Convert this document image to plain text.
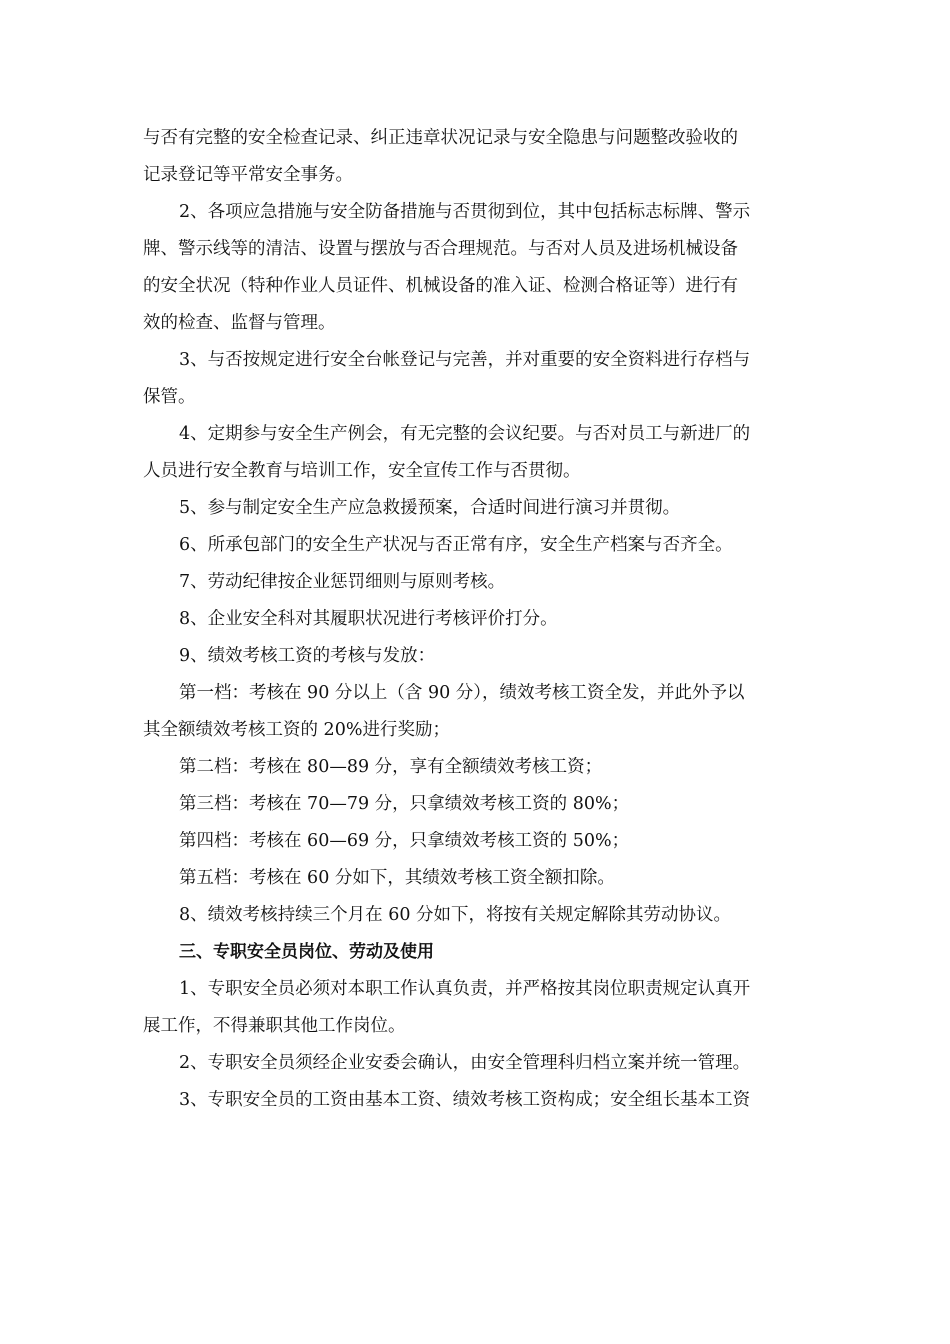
与否有完整的安全检查记录、纠正违章状况记录与安全隐患与问题整改验收的
记录登记等平常安全事务。
2、各项应急措施与安全防备措施与否贯彻到位，其中包括标志标牌、警示
牌、警示线等的清洁、设置与摆放与否合理规范。与否对人员及进场机械设备
的安全状况（特种作业人员证件、机械设备的准入证、检测合格证等）进行有
效的检查、监督与管理。
3、与否按规定进行安全台帐登记与完善，并对重要的安全资料进行存档与
保管。
4、定期参与安全生产例会，有无完整的会议纪要。与否对员工与新进厂的
人员进行安全教育与培训工作，安全宣传工作与否贯彻。
5、参与制定安全生产应急救援预案，合适时间进行演习并贯彻。
6、所承包部门的安全生产状况与否正常有序，安全生产档案与否齐全。
7、劳动纪律按企业惩罚细则与原则考核。
8、企业安全科对其履职状况进行考核评价打分。
9、绩效考核工资的考核与发放：
第一档：考核在 90 分以上（含 90 分），绩效考核工资全发，并此外予以
其全额绩效考核工资的 20%进行奖励；
第二档：考核在 80—89 分，享有全额绩效考核工资；
第三档：考核在 70—79 分，只拿绩效考核工资的 80%；
第四档：考核在 60—69 分，只拿绩效考核工资的 50%；
第五档：考核在 60 分如下，其绩效考核工资全额扣除。
8、绩效考核持续三个月在 60 分如下，将按有关规定解除其劳动协议。
三、专职安全员岗位、劳动及使用
1、专职安全员必须对本职工作认真负责，并严格按其岗位职责规定认真开
展工作，不得兼职其他工作岗位。
2、专职安全员须经企业安委会确认，由安全管理科归档立案并统一管理。
3、专职安全员的工资由基本工资、绩效考核工资构成；安全组长基本工资
